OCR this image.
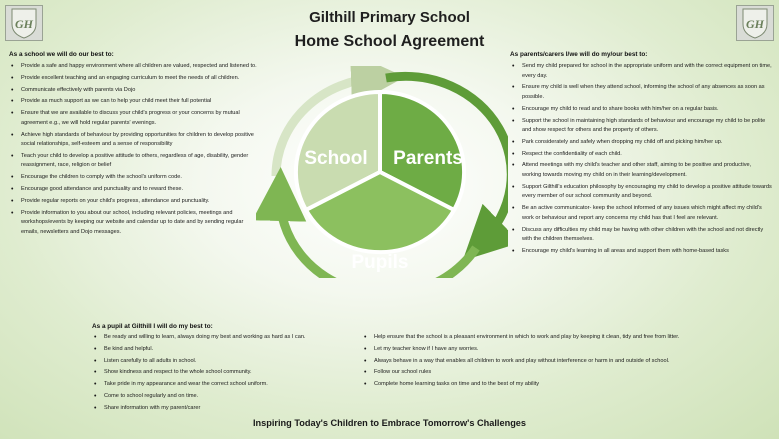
GH	GH
Gilthill Primary School
Home School Agreement
As a school we will do our best to:
• Provide a safe and happy environment where all children are valued, respected and listened to.
• Provide excellent teaching and an engaging curriculum to meet the needs of all children.
• Communicate effectively with parents via Dojo
• Provide as much support as we can to help your child meet their full potential
• Ensure that we are available to discuss your child's progress or your concerns by mutual agreement e.g., we will hold regular parents' evenings.
• Achieve high standards of behaviour by providing opportunities for children to develop positive social relationships, self-esteem and a sense of responsibility
• Teach your child to develop a positive attitude to others, regardless of age, disability, gender reassignment, race, religion or belief
• Encourage the children to comply with the school's uniform code.
• Encourage good attendance and punctuality and to reward these.
• Provide regular reports on your child's progress, attendance and punctuality.
• Provide information to you about our school, including relevant policies, meetings and workshops/events by keeping our website and calendar up to date and by sending regular emails, newsletters and Dojo messages.
As parents/carers I/we will do my/our best to:
• Send my child prepared for school in the appropriate uniform and with the correct equipment on time, every day.
• Ensure my child is well when they attend school, informing the school of any absences as soon as possible.
• Encourage my child to read and to share books with him/her on a regular basis.
• Support the school in maintaining high standards of behaviour and encourage my child to be polite and show respect for others and the property of others.
• Park considerately and safely when dropping my child off and picking him/her up.
• Respect the confidentiality of each child.
• Attend meetings with my child's teacher and other staff, aiming to be positive and productive, working towards moving my child on in their learning/development.
• Support Gilthill's education philosophy by encouraging my child to develop a positive attitude towards every member of our school community and beyond.
• Be an active communicator- keep the school informed of any issues which might affect my child's work or behaviour and report any concerns my child has that I feel are relevant.
• Discuss any difficulties my child may be having with other children with the school and not directly with the children themselves.
• Encourage my child's learning in all areas and support them with home-based tasks
School Parents
Pupils
As a pupil at Gilthill I will do my best to:
• Be ready and willing to learn, always doing my best and working as hard as I can.
• Be kind and helpful.
• Listen carefully to all adults in school.
• Show kindness and respect to the whole school community.
• Take pride in my appearance and wear the correct school uniform.
• Come to school regularly and on time.
• Share information with my parent/carer
• Help ensure that the school is a pleasant environment in which to work and play by keeping it clean, tidy and free from litter.
• Let my teacher know if I have any worries.
• Always behave in a way that enables all children to work and play without interference or harm in and outside of school.
• Follow our school rules
• Complete home learning tasks on time and to the best of my ability
Inspiring Today's Children to Embrace Tomorrow's Challenges
